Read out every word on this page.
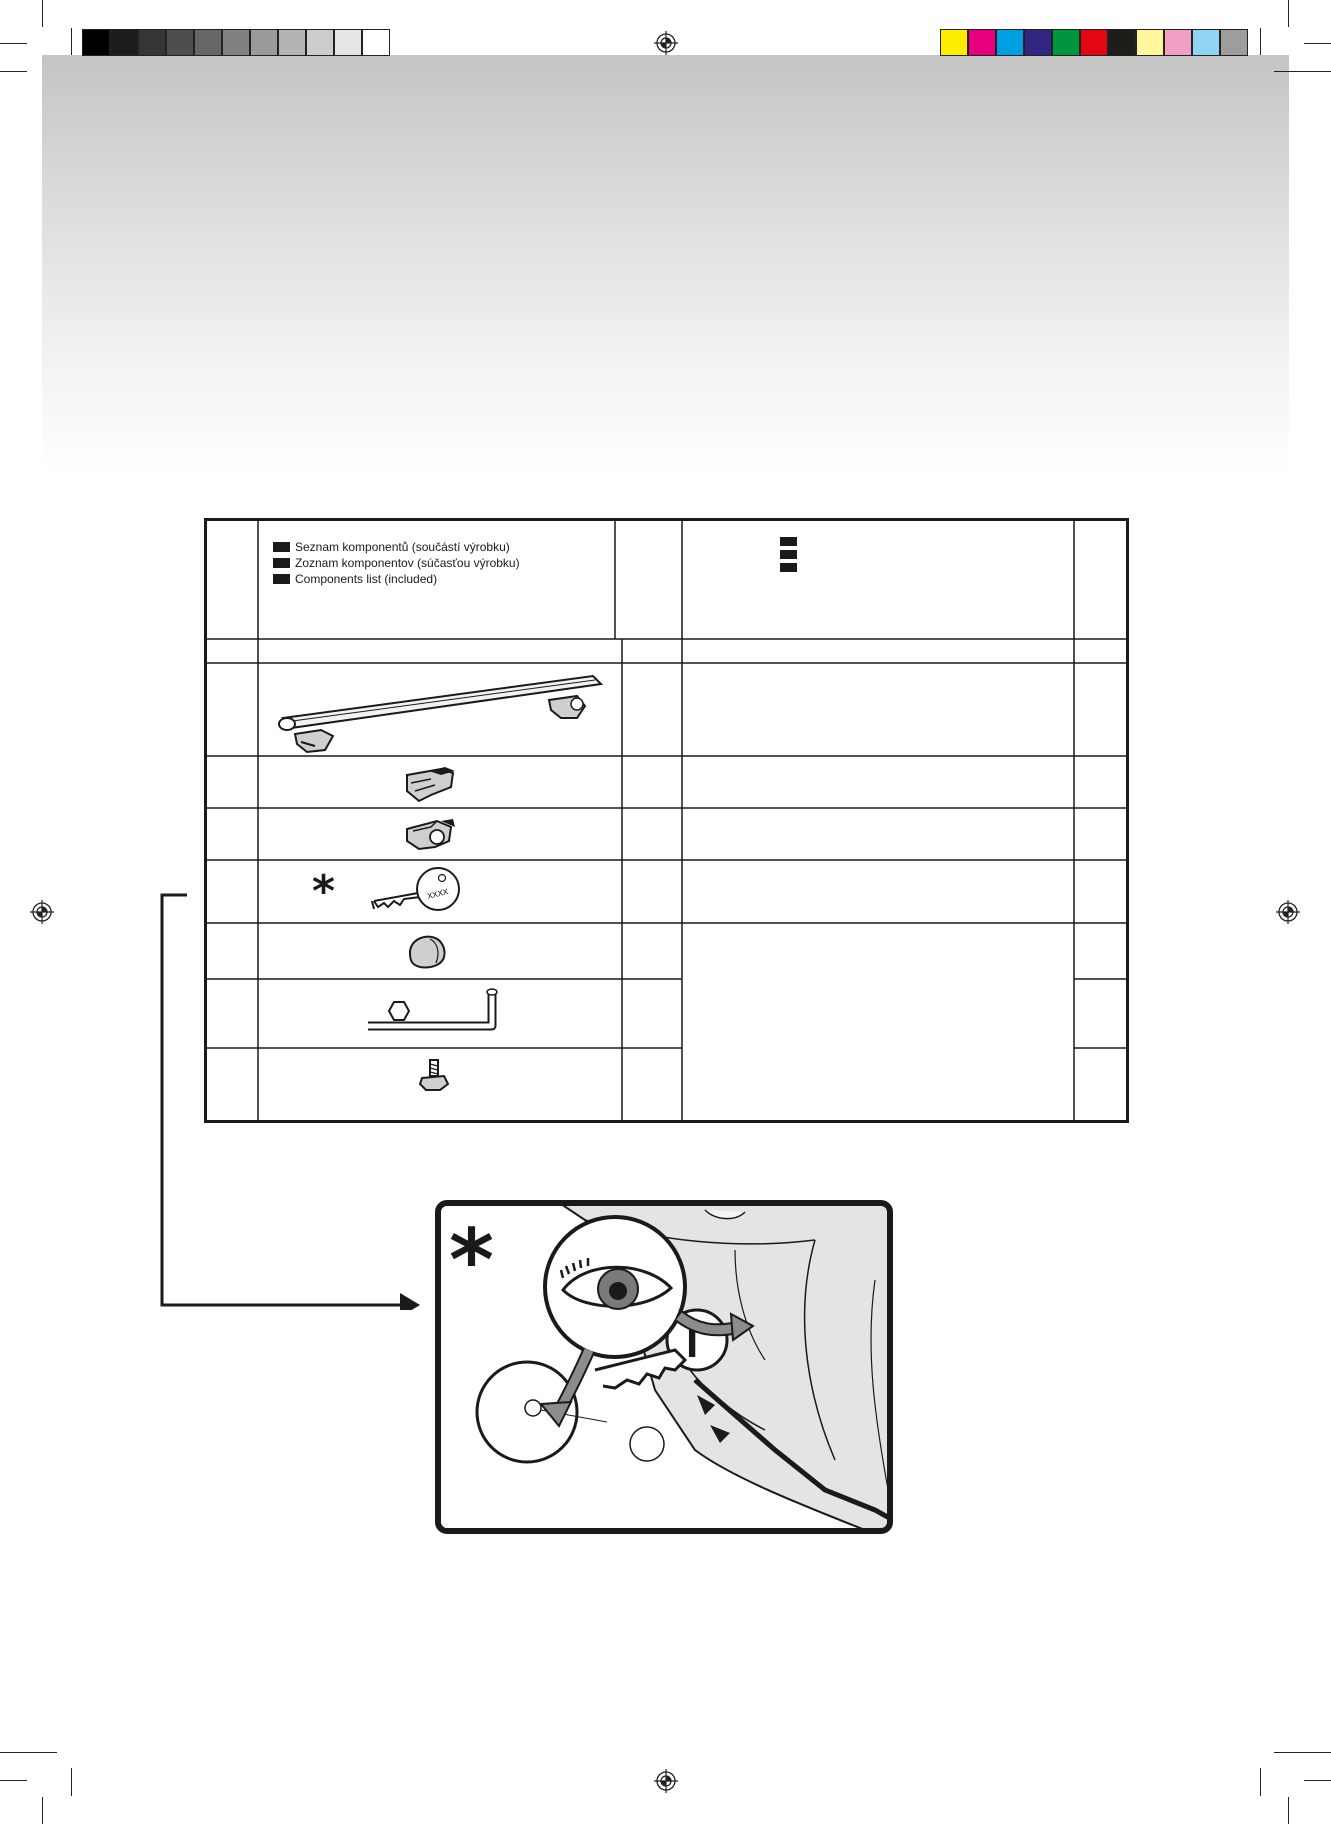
Seznam komponentů (součástí výrobku)
Zoznam komponentov (súčasťou výrobku)
Components list (included)
*	XXXX
*
I
